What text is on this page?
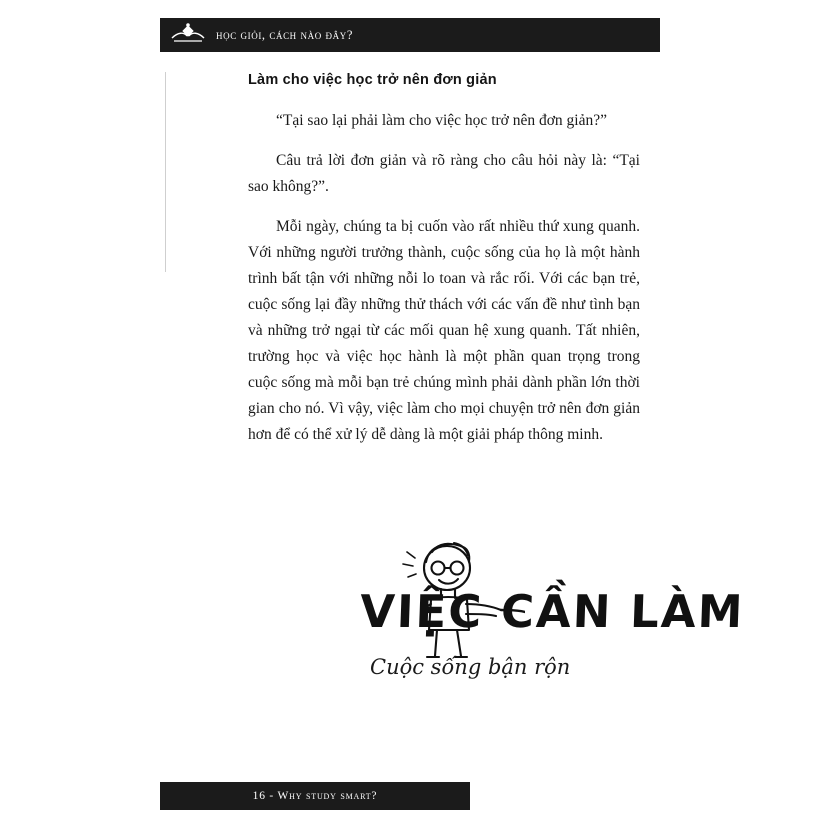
học giỏi, cách nào đây?
Làm cho việc học trở nên đơn giản

“Tại sao lại phải làm cho việc học trở nên đơn giản?”

Câu trả lời đơn giản và rõ ràng cho câu hỏi này là: “Tại sao không?”.

Mỗi ngày, chúng ta bị cuốn vào rất nhiều thứ xung quanh. Với những người trưởng thành, cuộc sống của họ là một hành trình bất tận với những nỗi lo toan và rắc rối. Với các bạn trẻ, cuộc sống lại đầy những thử thách với các vấn đề như tình bạn và những trở ngại từ các mối quan hệ xung quanh. Tất nhiên, trường học và việc học hành là một phần quan trọng trong cuộc sống mà mỗi bạn trẻ chúng mình phải dành phần lớn thời gian cho nó. Vì vậy, việc làm cho mọi chuyện trở nên đơn giản hơn để có thể xử lý dễ dàng là một giải pháp thông minh.

VIỆC CẦN LÀM
Cuộc sống bận rộn
16 - Why study smart?
